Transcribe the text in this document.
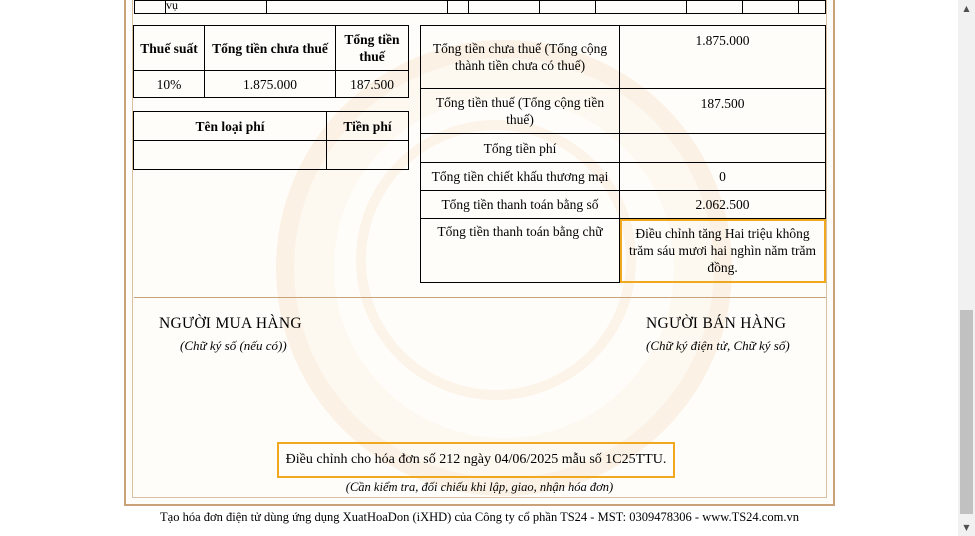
	vụ								
Thuế suất	Tổng tiền chưa thuế	Tổng tiền thuế
10%	1.875.000	187.500
Tên loại phí	Tiền phí

Tổng tiền chưa thuế (Tổng cộng thành tiền chưa có thuế)	1.875.000
Tổng tiền thuế (Tổng cộng tiền thuế)	187.500
Tổng tiền phí	
Tổng tiền chiết khấu thương mại	0
Tổng tiền thanh toán bằng số	2.062.500
Tổng tiền thanh toán bằng chữ	Điều chỉnh tăng Hai triệu không trăm sáu mươi hai nghìn năm trăm đồng.
NGƯỜI MUA HÀNG
(Chữ ký số (nếu có))
NGƯỜI BÁN HÀNG
(Chữ ký điện tử, Chữ ký số)
Điều chỉnh cho hóa đơn số 212 ngày 04/06/2025 mẫu số 1C25TTU.
(Cần kiểm tra, đối chiếu khi lập, giao, nhận hóa đơn)
Tạo hóa đơn điện tử dùng ứng dụng XuatHoaDon (iXHD) của Công ty cổ phần TS24 - MST: 0309478306 - www.TS24.com.vn
▲
▼
